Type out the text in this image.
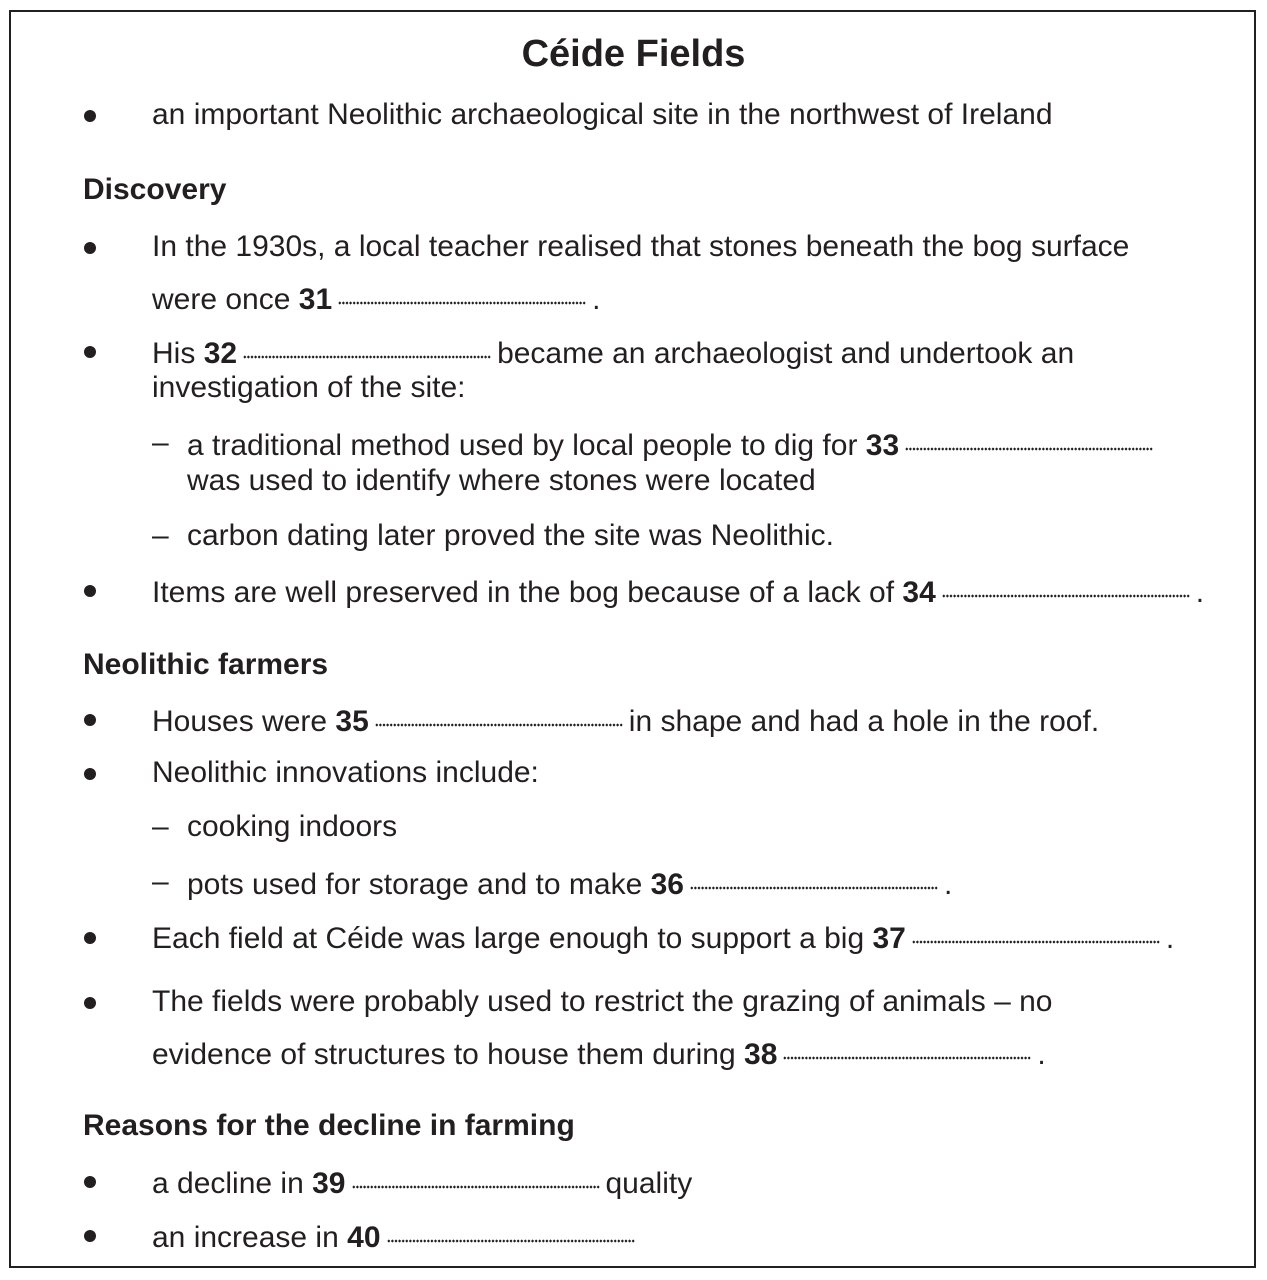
Céide Fields
an important Neolithic archaeological site in the northwest of Ireland
Discovery
In the 1930s, a local teacher realised that stones beneath the bog surface
were once 31	.
His 32	became an archaeologist and undertook an
investigation of the site:
– a traditional method used by local people to dig for 33
was used to identify where stones were located
– carbon dating later proved the site was Neolithic.
Items are well preserved in the bog because of a lack of 34	.
Neolithic farmers
Houses were 35	in shape and had a hole in the roof.
Neolithic innovations include:
– cooking indoors
– pots used for storage and to make 36	.
Each field at Céide was large enough to support a big 37	.
The fields were probably used to restrict the grazing of animals – no
evidence of structures to house them during 38	.
Reasons for the decline in farming
a decline in 39	quality
an increase in 40
